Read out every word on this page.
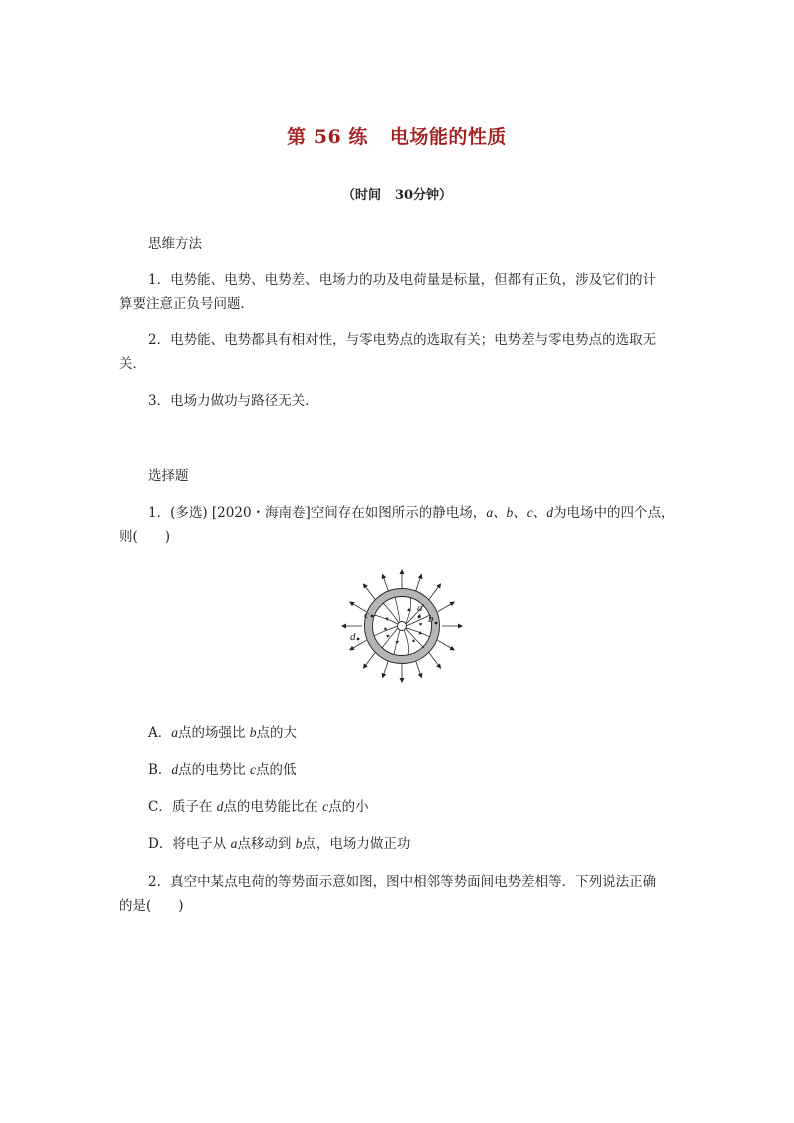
第 56 练 电场能的性质
（时间 30分钟）
思维方法
1．电势能、电势、电势差、电场力的功及电荷量是标量，但都有正负，涉及它们的计
算要注意正负号问题．
2．电势能、电势都具有相对性，与零电势点的选取有关；电势差与零电势点的选取无
关．
3．电场力做功与路径无关．
选择题
1．(多选) [2020・海南卷]空间存在如图所示的静电场，a、b、c、d为电场中的四个点，
则(　　)
a
b
c
d
A．a点的场强比 b点的大
B．d点的电势比 c点的低
C．质子在 d点的电势能比在 c点的小
D．将电子从 a点移动到 b点，电场力做正功
2．真空中某点电荷的等势面示意如图，图中相邻等势面间电势差相等．下列说法正确
的是(　　)
